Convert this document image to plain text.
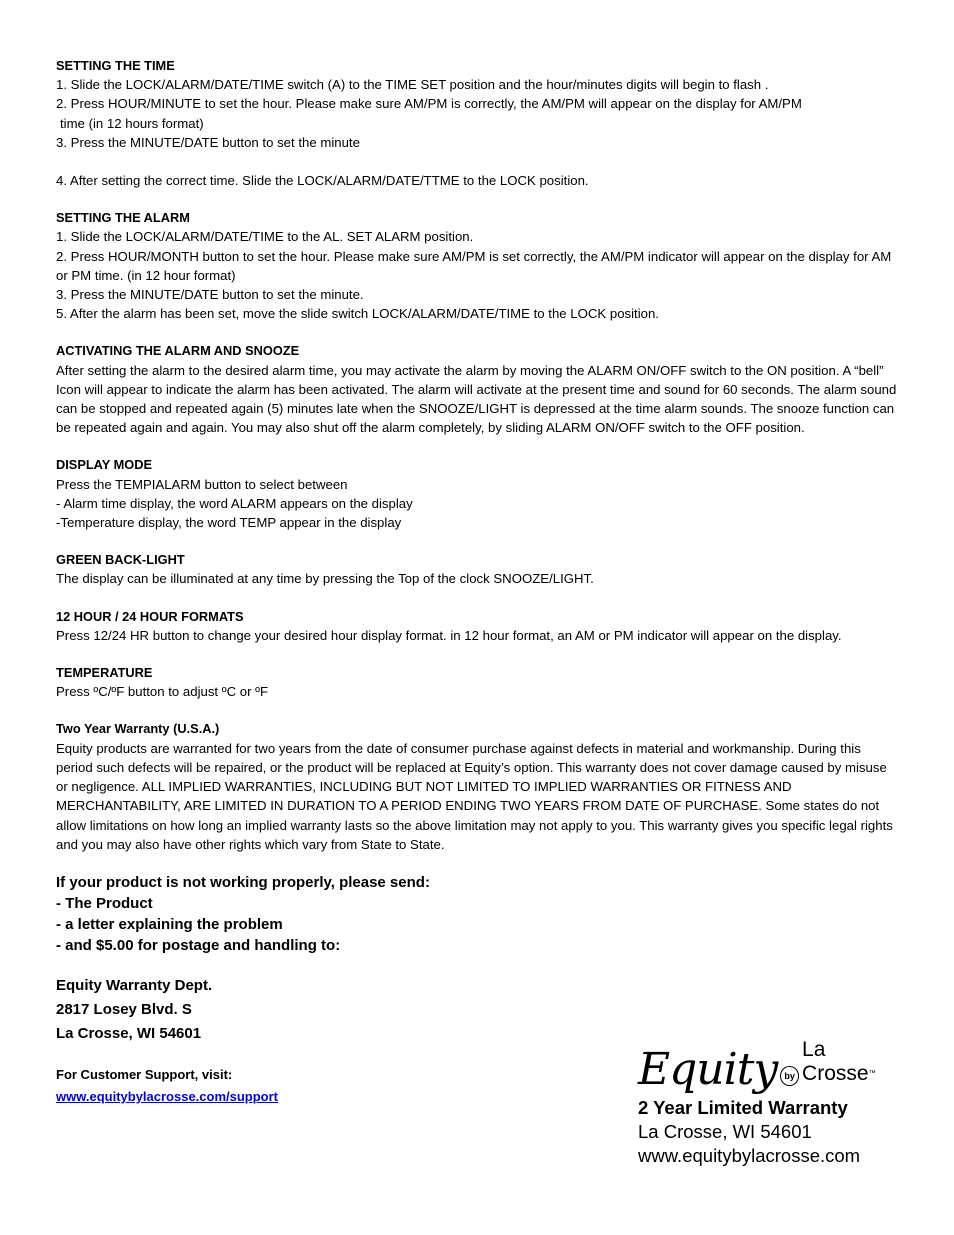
SETTING THE TIME
1. Slide the LOCK/ALARM/DATE/TIME switch (A) to the TIME SET position and the hour/minutes digits will begin to flash .
2. Press HOUR/MINUTE to set the hour. Please make sure AM/PM is correctly, the AM/PM will appear on the display for AM/PM
time (in 12 hours format)
3. Press the MINUTE/DATE button to set the minute
4. After setting the correct time. Slide the LOCK/ALARM/DATE/TTME to the LOCK position.
SETTING THE ALARM
1. Slide the LOCK/ALARM/DATE/TIME to the AL. SET ALARM position.
2. Press HOUR/MONTH button to set the hour. Please make sure AM/PM is set correctly, the AM/PM indicator will appear on the display for AM or PM time. (in 12 hour format)
3. Press the MINUTE/DATE button to set the minute.
5. After the alarm has been set, move the slide switch LOCK/ALARM/DATE/TIME to the LOCK position.
ACTIVATING THE ALARM AND SNOOZE
After setting the alarm to the desired alarm time, you may activate the alarm by moving the ALARM ON/OFF switch to the ON position. A “bell” Icon will appear to indicate the alarm has been activated. The alarm will activate at the present time and sound for 60 seconds. The alarm sound can be stopped and repeated again (5) minutes late when the SNOOZE/LIGHT is depressed at the time alarm sounds. The snooze function can be repeated again and again. You may also shut off the alarm completely, by sliding ALARM ON/OFF switch to the OFF position.
DISPLAY MODE
Press the TEMPIALARM button to select between
- Alarm time display, the word ALARM appears on the display
-Temperature display, the word TEMP appear in the display
GREEN BACK-LIGHT
The display can be illuminated at any time by pressing the Top of the clock SNOOZE/LIGHT.
12 HOUR / 24 HOUR FORMATS
Press 12/24 HR button to change your desired hour display format. in 12 hour format, an AM or PM indicator will appear on the display.
TEMPERATURE
Press ºC/ºF button to adjust ºC or ºF
Two Year Warranty (U.S.A.)
Equity products are warranted for two years from the date of consumer purchase against defects in material and workmanship. During this period such defects will be repaired, or the product will be replaced at Equity’s option. This warranty does not cover damage caused by misuse or negligence. ALL IMPLIED WARRANTIES, INCLUDING BUT NOT LIMITED TO IMPLIED WARRANTIES OR FITNESS AND MERCHANTABILITY, ARE LIMITED IN DURATION TO A PERIOD ENDING TWO YEARS FROM DATE OF PURCHASE. Some states do not allow limitations on how long an implied warranty lasts so the above limitation may not apply to you. This warranty gives you specific legal rights and you may also have other rights which vary from State to State.
If your product is not working properly, please send:
- The Product
- a letter explaining the problem
- and $5.00 for postage and handling to:
Equity Warranty Dept.
2817 Losey Blvd. S
La Crosse, WI 54601
For Customer Support, visit:
www.equitybylacrosse.com/support
Equity by
La Crosse™
2 Year Limited Warranty
La Crosse, WI 54601
www.equitybylacrosse.com
